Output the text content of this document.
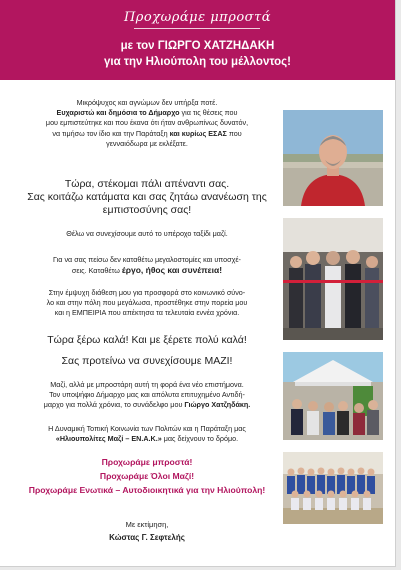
Προχωράμε μπροστά
με τον ΓΙΩΡΓΟ ΧΑΤΖΗΔΑΚΗ
για την Ηλιούπολη του μέλλοντος!
Μικρόψυχος και αγνώμων δεν υπήρξα ποτέ.
Ευχαριστώ και δημόσια το Δήμαρχο για τις θέσεις που
μου εμπιστεύτηκε και που έκανα ότι ήταν ανθρωπίνως δυνατόν,
να τιμήσω τον ίδιο και την Παράταξη και κυρίως ΕΣΑΣ που
γενναιόδωρα με εκλέξατε.
Τώρα, στέκομαι πάλι απέναντι σας.
Σας κοιτάζω κατάματα και σας ζητάω ανανέωση της
εμπιστοσύνης σας!
Θέλω να συνεχίσουμε αυτό το υπέροχο ταξίδι μαζί.
Για να σας πείσω δεν καταθέτω μεγαλοστομίες και υποσχέ-
σεις. Καταθέτω έργο, ήθος και συνέπεια!
Στην έμψυχη διάθεση μου για προσφορά στο κοινωνικό σύνο-
λο και στην πόλη που μεγάλωσα, προστέθηκε στην πορεία μου
και η ΕΜΠΕΙΡΙΑ που απέκτησα τα τελευταία εννέα χρόνια.
Τώρα ξέρω καλά! Και με ξέρετε πολύ καλά!
Σας προτείνω να συνεχίσουμε ΜΑΖΙ!
Μαζί, αλλά με μπροστάρη αυτή τη φορά ένα νέο επιστήμονα.
Τον υποψήφιο Δήμαρχο μας και απόλυτα επιτυχημένο Αντιδή-
μαρχο για πολλά χρόνια, το συνάδελφο μου Γιώργο Χατζηδάκη.
Η Δυναμική Τοπική Κοινωνία των Πολιτών και η Παράταξη μας
«Ηλιουπολίτες Μαζί – ΕΝ.Α.Κ.» μας δείχνουν το δρόμο.
Προχωράμε μπροστά!
Προχωράμε Όλοι Μαζί!
Προχωράμε Ενωτικά – Αυτοδιοικητικά για την Ηλιούπολη!
Με εκτίμηση,
Κώστας Γ. Σεφτελής
